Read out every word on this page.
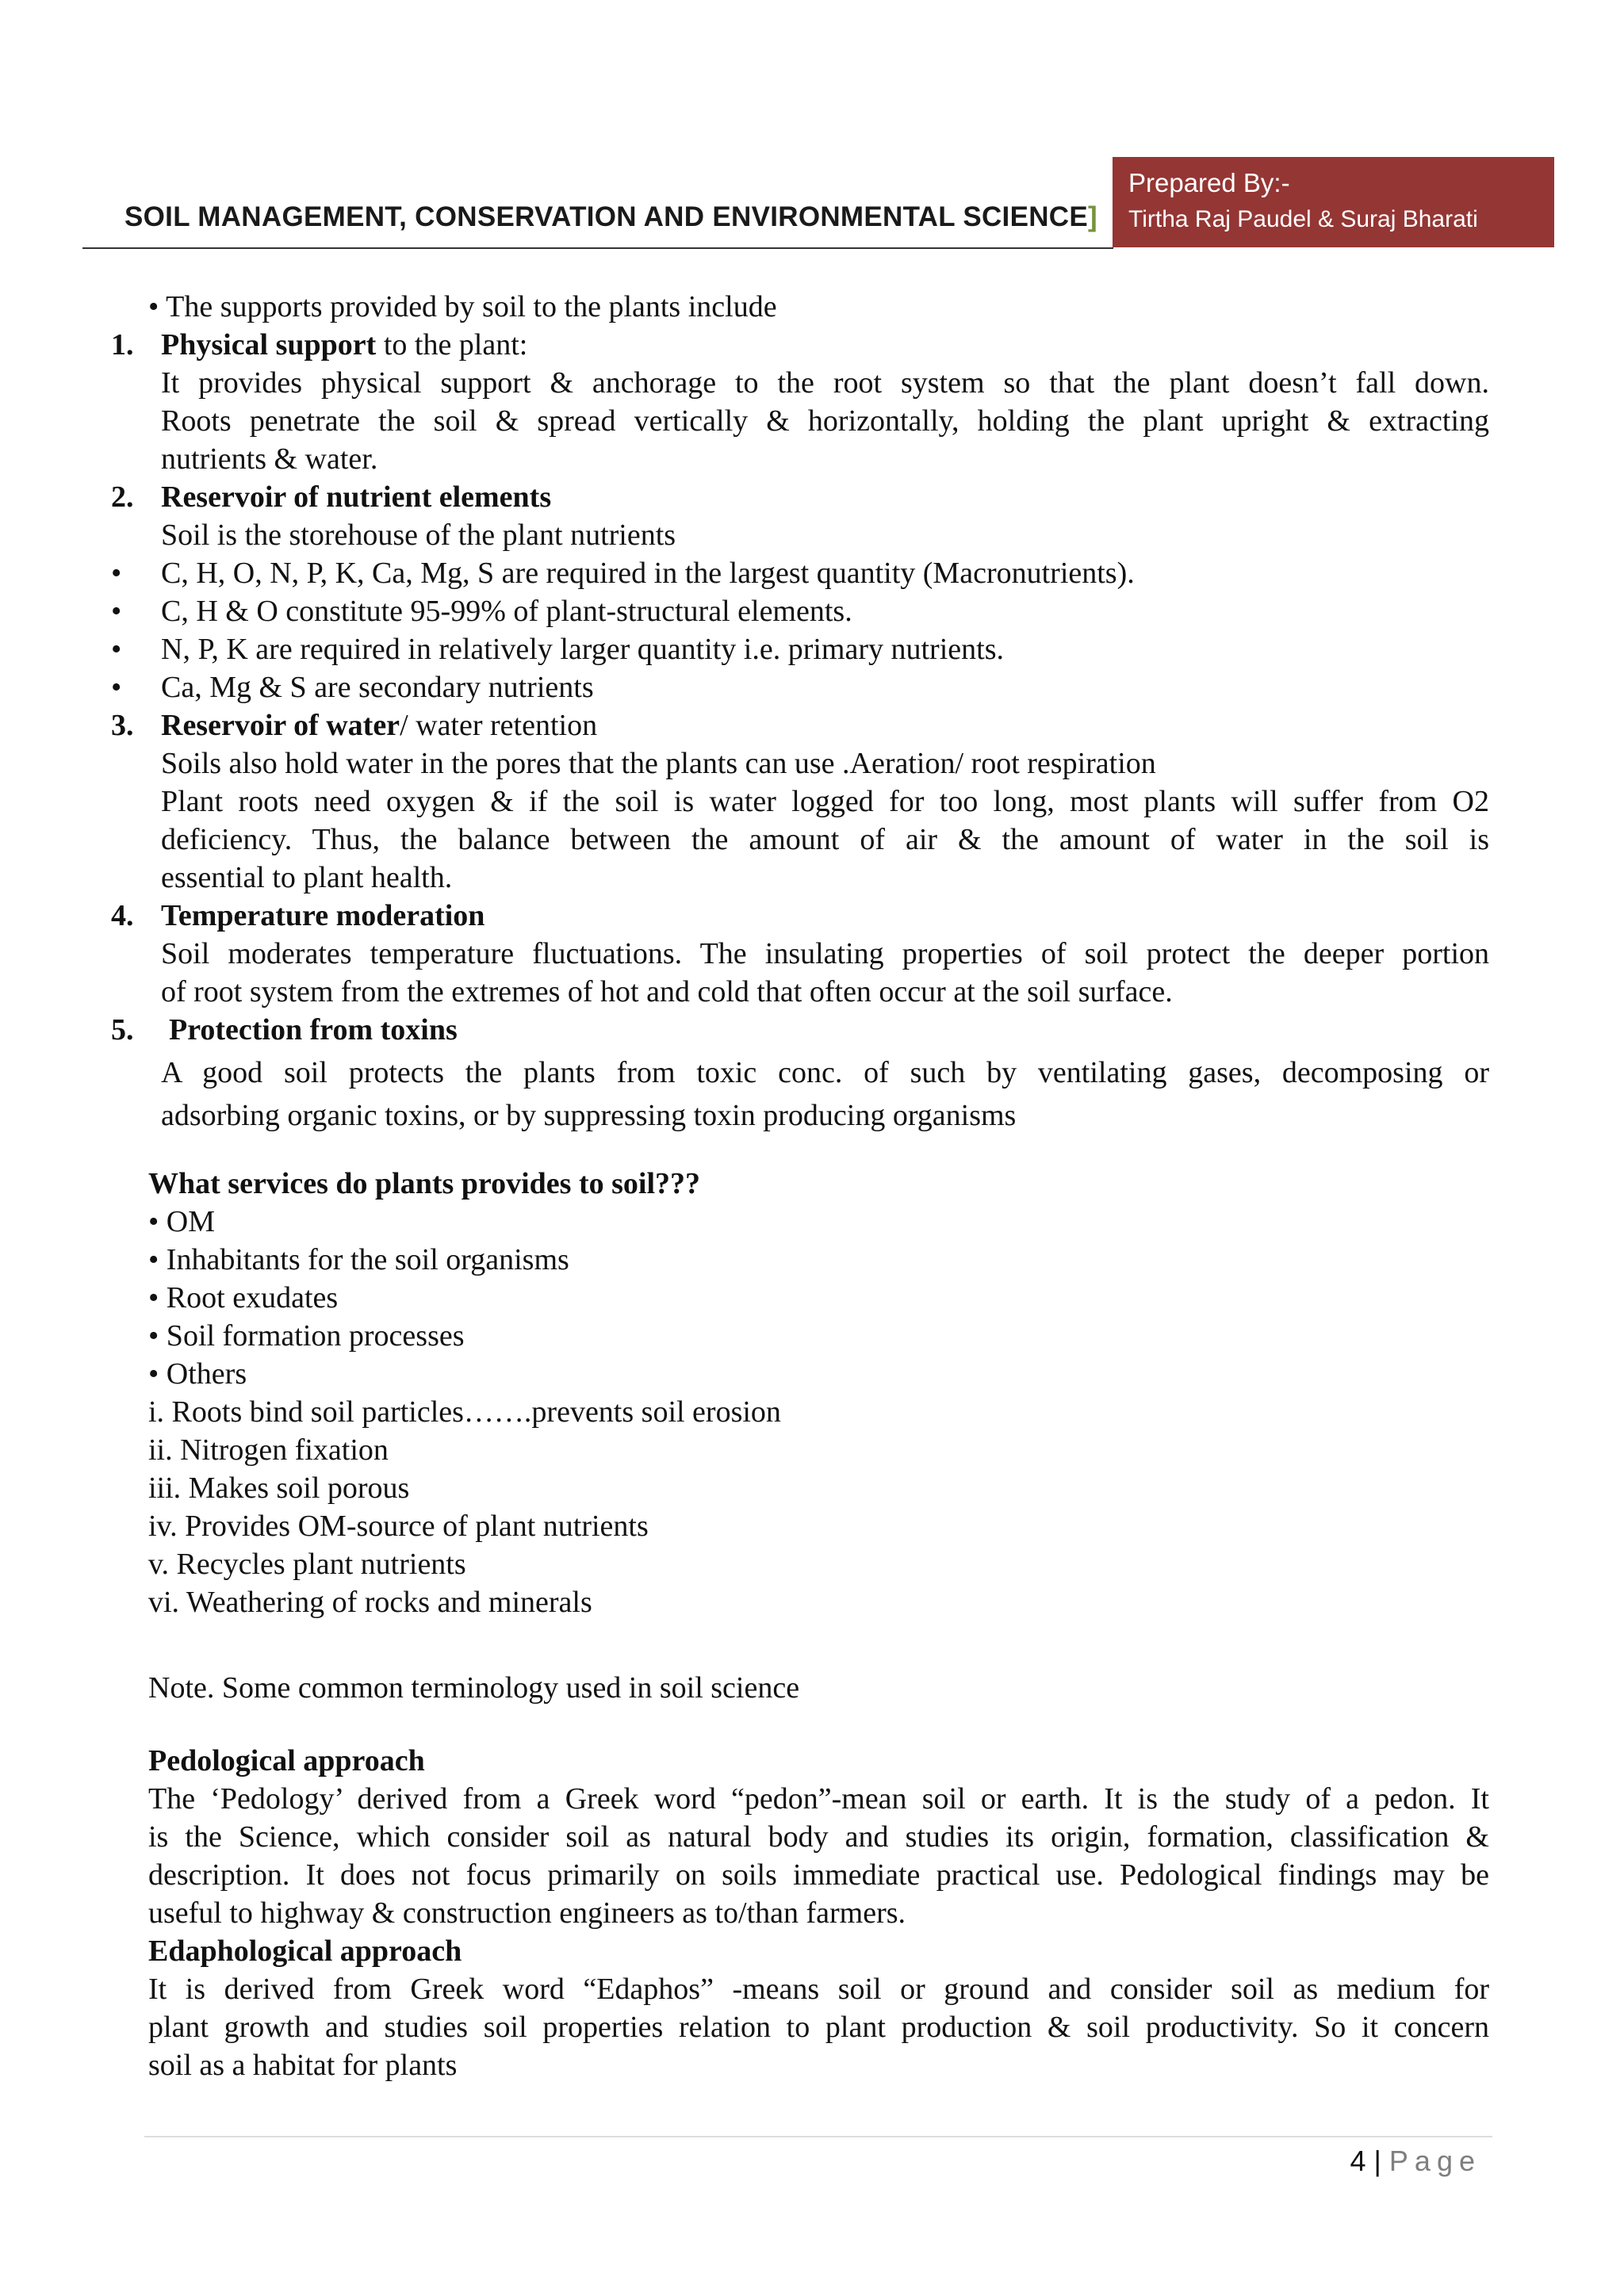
SOIL MANAGEMENT, CONSERVATION AND ENVIRONMENTAL SCIENCE]
Prepared By:-
Tirtha Raj Paudel & Suraj Bharati
• The supports provided by soil to the plants include
1. Physical support to the plant:
It provides physical support & anchorage to the root system so that the plant doesn’t fall down.
Roots penetrate the soil & spread vertically & horizontally, holding the plant upright & extracting
nutrients & water.
2. Reservoir of nutrient elements
Soil is the storehouse of the plant nutrients
• C, H, O, N, P, K, Ca, Mg, S are required in the largest quantity (Macronutrients).
• C, H & O constitute 95-99% of plant-structural elements.
• N, P, K are required in relatively larger quantity i.e. primary nutrients.
• Ca, Mg & S are secondary nutrients
3. Reservoir of water/ water retention
Soils also hold water in the pores that the plants can use .Aeration/ root respiration
Plant roots need oxygen & if the soil is water logged for too long, most plants will suffer from O2
deficiency. Thus, the balance between the amount of air & the amount of water in the soil is
essential to plant health.
4. Temperature moderation
Soil moderates temperature fluctuations. The insulating properties of soil protect the deeper portion
of root system from the extremes of hot and cold that often occur at the soil surface.
5. Protection from toxins
A good soil protects the plants from toxic conc. of such by ventilating gases, decomposing or
adsorbing organic toxins, or by suppressing toxin producing organisms
What services do plants provides to soil???
• OM
• Inhabitants for the soil organisms
• Root exudates
• Soil formation processes
• Others
i. Roots bind soil particles…….prevents soil erosion
ii. Nitrogen fixation
iii. Makes soil porous
iv. Provides OM-source of plant nutrients
v. Recycles plant nutrients
vi. Weathering of rocks and minerals
Note. Some common terminology used in soil science
Pedological approach
The ‘Pedology’ derived from a Greek word “pedon”-mean soil or earth. It is the study of a pedon. It
is the Science, which consider soil as natural body and studies its origin, formation, classification &
description. It does not focus primarily on soils immediate practical use. Pedological findings may be
useful to highway & construction engineers as to/than farmers.
Edaphological approach
It is derived from Greek word “Edaphos” -means soil or ground and consider soil as medium for
plant growth and studies soil properties relation to plant production & soil productivity. So it concern
soil as a habitat for plants
4 | Page
